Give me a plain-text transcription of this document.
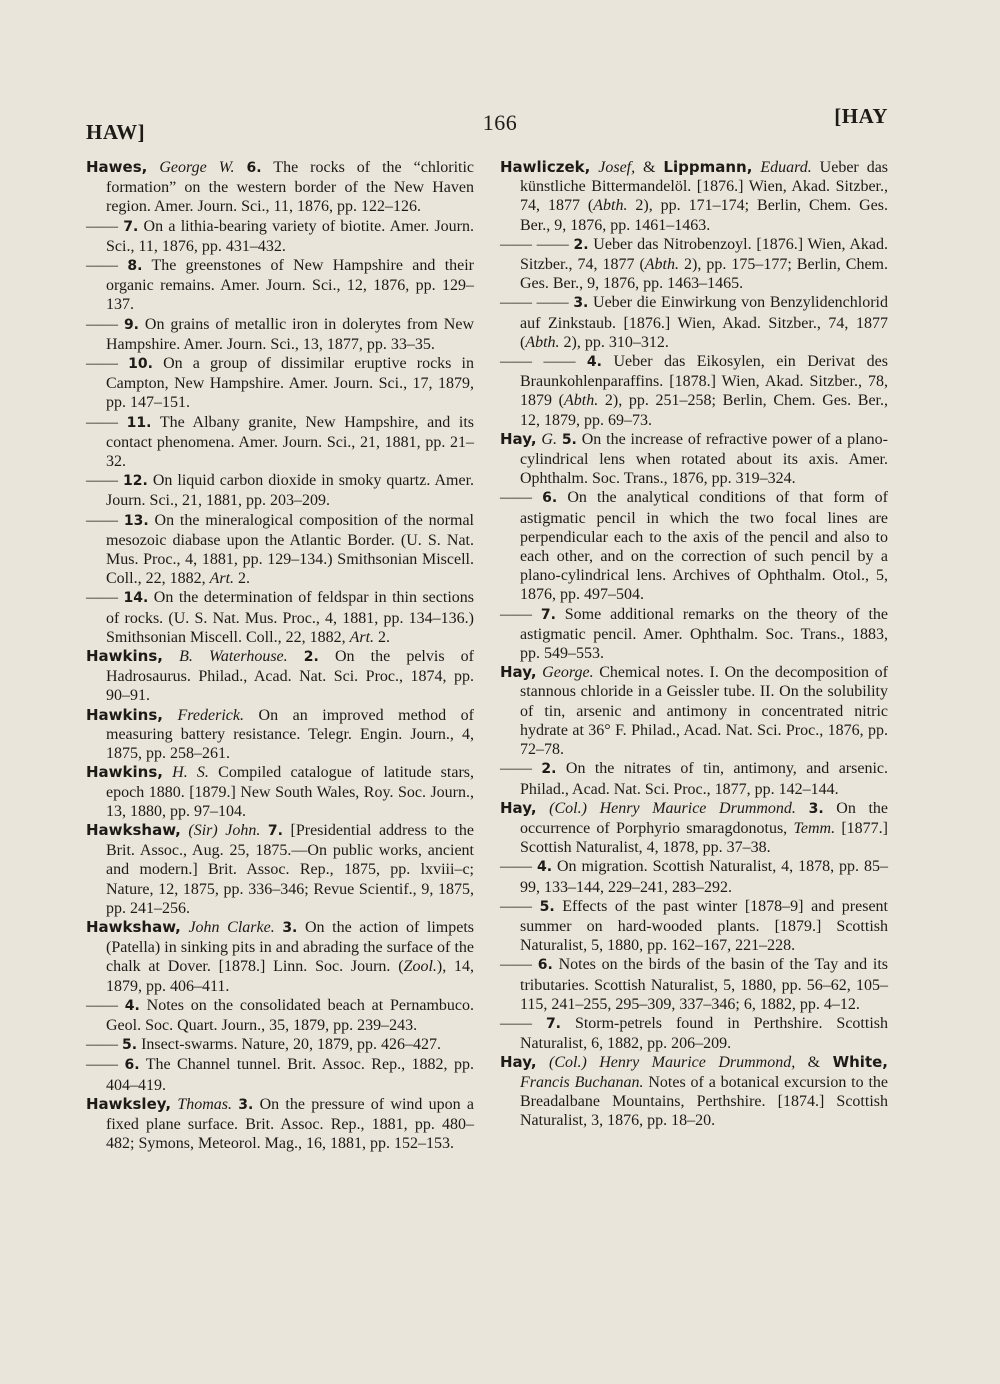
HAW]	166	[HAY

Hawes, George W. 6. The rocks of the “chloritic formation” on the western border of the New Haven region. Amer. Journ. Sci., 11, 1876, pp. 122–126.

—— 7. On a lithia-bearing variety of biotite. Amer. Journ. Sci., 11, 1876, pp. 431–432.

—— 8. The greenstones of New Hampshire and their organic remains. Amer. Journ. Sci., 12, 1876, pp. 129–137.

—— 9. On grains of metallic iron in dolerytes from New Hampshire. Amer. Journ. Sci., 13, 1877, pp. 33–35.

—— 10. On a group of dissimilar eruptive rocks in Campton, New Hampshire. Amer. Journ. Sci., 17, 1879, pp. 147–151.

—— 11. The Albany granite, New Hampshire, and its contact phenomena. Amer. Journ. Sci., 21, 1881, pp. 21–32.

—— 12. On liquid carbon dioxide in smoky quartz. Amer. Journ. Sci., 21, 1881, pp. 203–209.

—— 13. On the mineralogical composition of the normal mesozoic diabase upon the Atlantic Border. (U. S. Nat. Mus. Proc., 4, 1881, pp. 129–134.) Smithsonian Miscell. Coll., 22, 1882, Art. 2.

—— 14. On the determination of feldspar in thin sections of rocks. (U. S. Nat. Mus. Proc., 4, 1881, pp. 134–136.) Smithsonian Miscell. Coll., 22, 1882, Art. 2.

Hawkins, B. Waterhouse. 2. On the pelvis of Hadrosaurus. Philad., Acad. Nat. Sci. Proc., 1874, pp. 90–91.

Hawkins, Frederick. On an improved method of measuring battery resistance. Telegr. Engin. Journ., 4, 1875, pp. 258–261.

Hawkins, H. S. Compiled catalogue of latitude stars, epoch 1880. [1879.] New South Wales, Roy. Soc. Journ., 13, 1880, pp. 97–104.

Hawkshaw, (Sir) John. 7. [Presidential address to the Brit. Assoc., Aug. 25, 1875.—On public works, ancient and modern.] Brit. Assoc. Rep., 1875, pp. lxviii–c; Nature, 12, 1875, pp. 336–346; Revue Scientif., 9, 1875, pp. 241–256.

Hawkshaw, John Clarke. 3. On the action of limpets (Patella) in sinking pits in and abrading the surface of the chalk at Dover. [1878.] Linn. Soc. Journ. (Zool.), 14, 1879, pp. 406–411.

—— 4. Notes on the consolidated beach at Pernambuco. Geol. Soc. Quart. Journ., 35, 1879, pp. 239–243.

—— 5. Insect-swarms. Nature, 20, 1879, pp. 426–427.

—— 6. The Channel tunnel. Brit. Assoc. Rep., 1882, pp. 404–419.

Hawksley, Thomas. 3. On the pressure of wind upon a fixed plane surface. Brit. Assoc. Rep., 1881, pp. 480–482; Symons, Meteorol. Mag., 16, 1881, pp. 152–153.

Hawliczek, Josef, & Lippmann, Eduard. Ueber das künstliche Bittermandelöl. [1876.] Wien, Akad. Sitzber., 74, 1877 (Abth. 2), pp. 171–174; Berlin, Chem. Ges. Ber., 9, 1876, pp. 1461–1463.

—— —— 2. Ueber das Nitrobenzoyl. [1876.] Wien, Akad. Sitzber., 74, 1877 (Abth. 2), pp. 175–177; Berlin, Chem. Ges. Ber., 9, 1876, pp. 1463–1465.

—— —— 3. Ueber die Einwirkung von Benzylidenchlorid auf Zinkstaub. [1876.] Wien, Akad. Sitzber., 74, 1877 (Abth. 2), pp. 310–312.

—— —— 4. Ueber das Eikosylen, ein Derivat des Braunkohlenparaffins. [1878.] Wien, Akad. Sitzber., 78, 1879 (Abth. 2), pp. 251–258; Berlin, Chem. Ges. Ber., 12, 1879, pp. 69–73.

Hay, G. 5. On the increase of refractive power of a plano-cylindrical lens when rotated about its axis. Amer. Ophthalm. Soc. Trans., 1876, pp. 319–324.

—— 6. On the analytical conditions of that form of astigmatic pencil in which the two focal lines are perpendicular each to the axis of the pencil and also to each other, and on the correction of such pencil by a plano-cylindrical lens. Archives of Ophthalm. Otol., 5, 1876, pp. 497–504.

—— 7. Some additional remarks on the theory of the astigmatic pencil. Amer. Ophthalm. Soc. Trans., 1883, pp. 549–553.

Hay, George. Chemical notes. I. On the decomposition of stannous chloride in a Geissler tube. II. On the solubility of tin, arsenic and antimony in concentrated nitric hydrate at 36° F. Philad., Acad. Nat. Sci. Proc., 1876, pp. 72–78.

—— 2. On the nitrates of tin, antimony, and arsenic. Philad., Acad. Nat. Sci. Proc., 1877, pp. 142–144.

Hay, (Col.) Henry Maurice Drummond. 3. On the occurrence of Porphyrio smaragdonotus, Temm. [1877.] Scottish Naturalist, 4, 1878, pp. 37–38.

—— 4. On migration. Scottish Naturalist, 4, 1878, pp. 85–99, 133–144, 229–241, 283–292.

—— 5. Effects of the past winter [1878–9] and present summer on hard-wooded plants. [1879.] Scottish Naturalist, 5, 1880, pp. 162–167, 221–228.

—— 6. Notes on the birds of the basin of the Tay and its tributaries. Scottish Naturalist, 5, 1880, pp. 56–62, 105–115, 241–255, 295–309, 337–346; 6, 1882, pp. 4–12.

—— 7. Storm-petrels found in Perthshire. Scottish Naturalist, 6, 1882, pp. 206–209.

Hay, (Col.) Henry Maurice Drummond, & White, Francis Buchanan. Notes of a botanical excursion to the Breadalbane Mountains, Perthshire. [1874.] Scottish Naturalist, 3, 1876, pp. 18–20.
